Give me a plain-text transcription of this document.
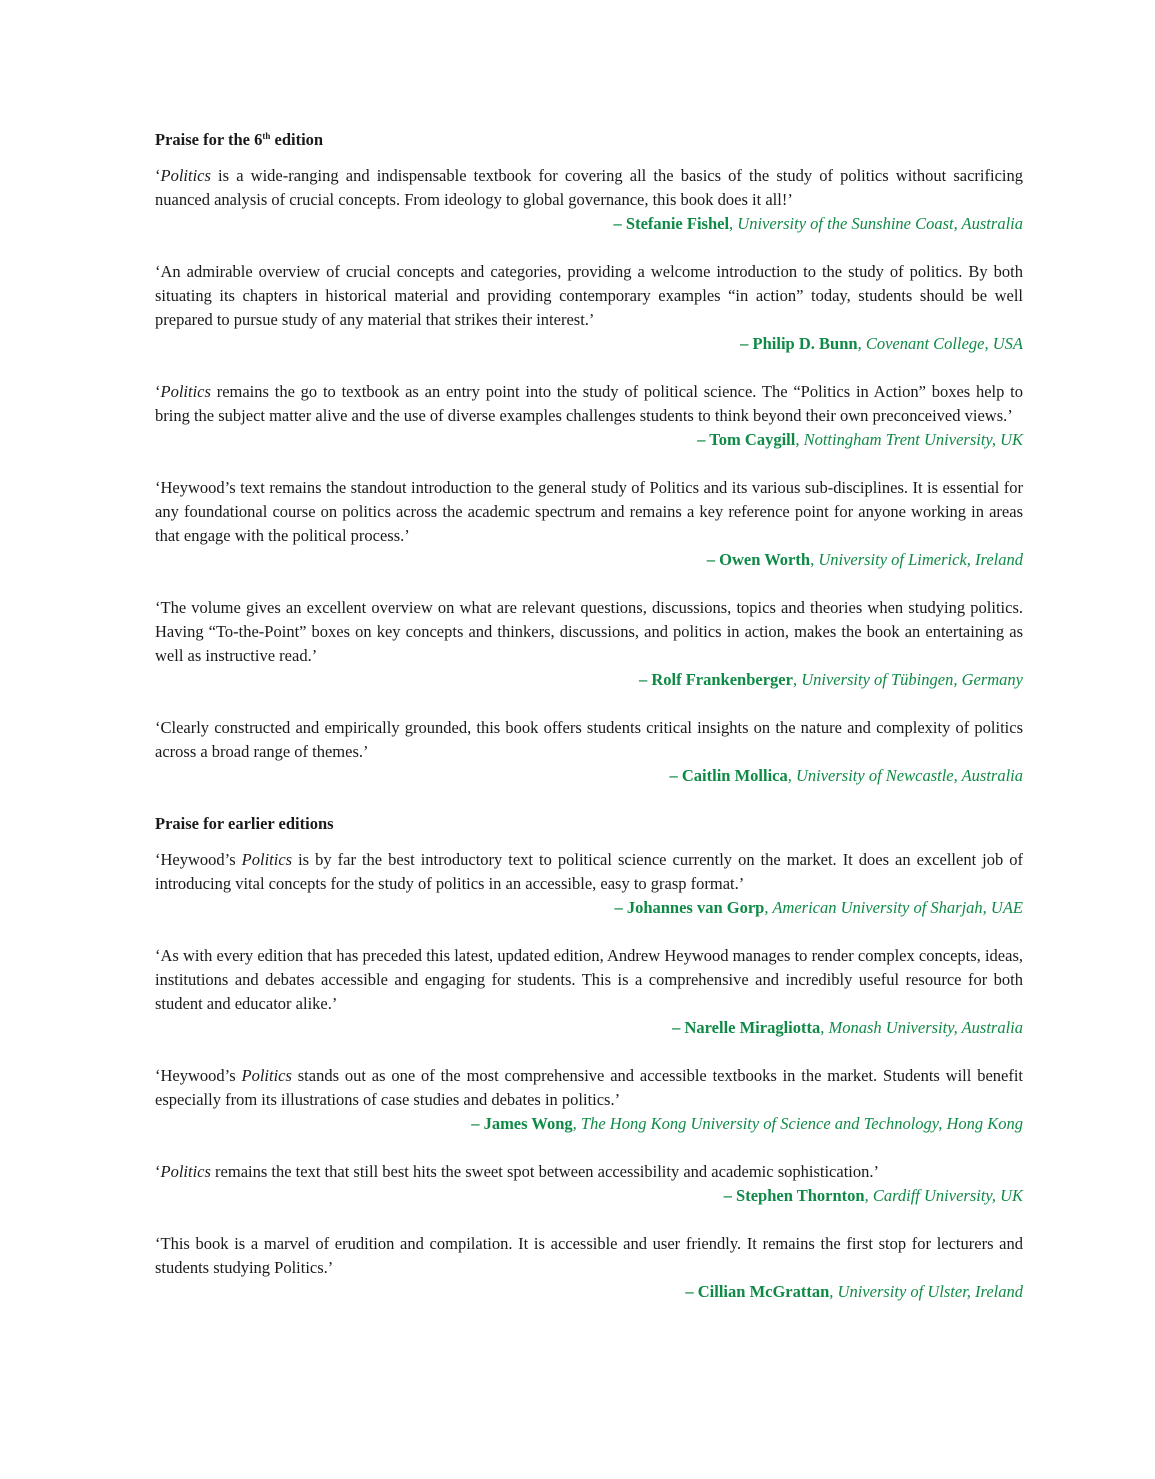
Praise for the 6th edition

‘Politics is a wide-ranging and indispensable textbook for covering all the basics of the study of politics without sacrificing nuanced analysis of crucial concepts. From ideology to global governance, this book does it all!’

– Stefanie Fishel, University of the Sunshine Coast, Australia

‘An admirable overview of crucial concepts and categories, providing a welcome introduction to the study of politics. By both situating its chapters in historical material and providing contemporary examples “in action” today, students should be well prepared to pursue study of any material that strikes their interest.’

– Philip D. Bunn, Covenant College, USA

‘Politics remains the go to textbook as an entry point into the study of political science. The “Politics in Action” boxes help to bring the subject matter alive and the use of diverse examples challenges students to think beyond their own preconceived views.’

– Tom Caygill, Nottingham Trent University, UK

‘Heywood’s text remains the standout introduction to the general study of Politics and its various sub-disciplines. It is essential for any foundational course on politics across the academic spectrum and remains a key reference point for anyone working in areas that engage with the political process.’

– Owen Worth, University of Limerick, Ireland

‘The volume gives an excellent overview on what are relevant questions, discussions, topics and theories when studying politics. Having “To-the-Point” boxes on key concepts and thinkers, discussions, and politics in action, makes the book an entertaining as well as instructive read.’

– Rolf Frankenberger, University of Tübingen, Germany

‘Clearly constructed and empirically grounded, this book offers students critical insights on the nature and complexity of politics across a broad range of themes.’

– Caitlin Mollica, University of Newcastle, Australia

Praise for earlier editions

‘Heywood’s Politics is by far the best introductory text to political science currently on the market. It does an excellent job of introducing vital concepts for the study of politics in an accessible, easy to grasp format.’

– Johannes van Gorp, American University of Sharjah, UAE

‘As with every edition that has preceded this latest, updated edition, Andrew Heywood manages to render complex concepts, ideas, institutions and debates accessible and engaging for students. This is a comprehensive and incredibly useful resource for both student and educator alike.’

– Narelle Miragliotta, Monash University, Australia

‘Heywood’s Politics stands out as one of the most comprehensive and accessible textbooks in the market. Students will benefit especially from its illustrations of case studies and debates in politics.’

– James Wong, The Hong Kong University of Science and Technology, Hong Kong

‘Politics remains the text that still best hits the sweet spot between accessibility and academic sophistication.’

– Stephen Thornton, Cardiff University, UK

‘This book is a marvel of erudition and compilation. It is accessible and user friendly. It remains the first stop for lecturers and students studying Politics.’

– Cillian McGrattan, University of Ulster, Ireland
